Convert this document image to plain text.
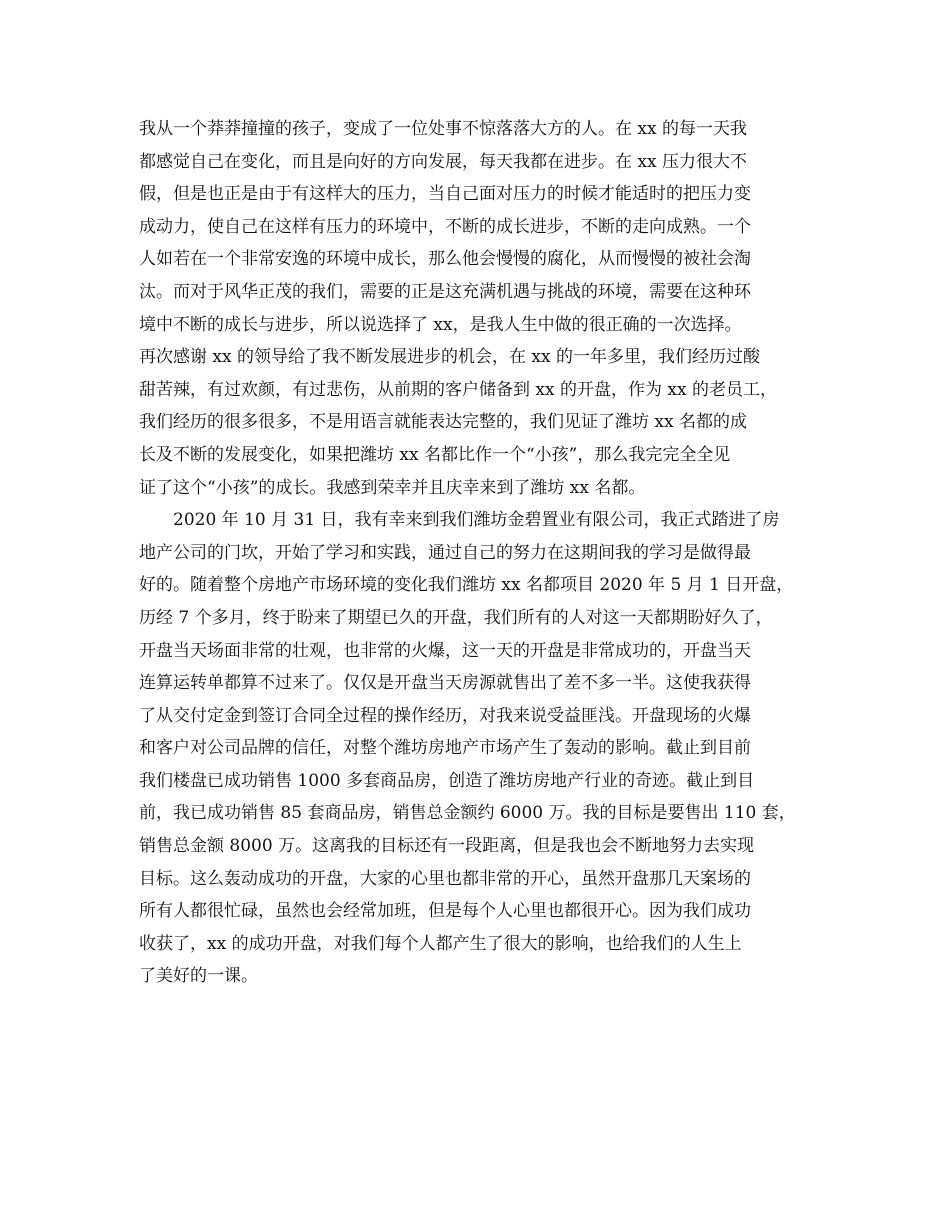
我从一个莽莽撞撞的孩子，变成了一位处事不惊落落大方的人。在 xx 的每一天我
都感觉自己在变化，而且是向好的方向发展，每天我都在进步。在 xx 压力很大不
假，但是也正是由于有这样大的压力，当自己面对压力的时候才能适时的把压力变
成动力，使自己在这样有压力的环境中，不断的成长进步，不断的走向成熟。一个
人如若在一个非常安逸的环境中成长，那么他会慢慢的腐化，从而慢慢的被社会淘
汰。而对于风华正茂的我们，需要的正是这充满机遇与挑战的环境，需要在这种环
境中不断的成长与进步，所以说选择了 xx，是我人生中做的很正确的一次选择。
再次感谢 xx 的领导给了我不断发展进步的机会，在 xx 的一年多里，我们经历过酸
甜苦辣，有过欢颜，有过悲伤，从前期的客户储备到 xx 的开盘，作为 xx 的老员工，
我们经历的很多很多，不是用语言就能表达完整的，我们见证了潍坊 xx 名都的成
长及不断的发展变化，如果把潍坊 xx 名都比作一个“小孩”，那么我完完全全见
证了这个“小孩”的成长。我感到荣幸并且庆幸来到了潍坊 xx 名都。
2020 年 10 月 31 日，我有幸来到我们潍坊金碧置业有限公司，我正式踏进了房
地产公司的门坎，开始了学习和实践，通过自己的努力在这期间我的学习是做得最
好的。随着整个房地产市场环境的变化我们潍坊 xx 名都项目 2020 年 5 月 1 日开盘，
历经 7 个多月，终于盼来了期望已久的开盘，我们所有的人对这一天都期盼好久了，
开盘当天场面非常的壮观，也非常的火爆，这一天的开盘是非常成功的，开盘当天
连算运转单都算不过来了。仅仅是开盘当天房源就售出了差不多一半。这使我获得
了从交付定金到签订合同全过程的操作经历，对我来说受益匪浅。开盘现场的火爆
和客户对公司品牌的信任，对整个潍坊房地产市场产生了轰动的影响。截止到目前
我们楼盘已成功销售 1000 多套商品房，创造了潍坊房地产行业的奇迹。截止到目
前，我已成功销售 85 套商品房，销售总金额约 6000 万。我的目标是要售出 110 套，
销售总金额 8000 万。这离我的目标还有一段距离，但是我也会不断地努力去实现
目标。这么轰动成功的开盘，大家的心里也都非常的开心，虽然开盘那几天案场的
所有人都很忙碌，虽然也会经常加班，但是每个人心里也都很开心。因为我们成功
收获了，xx 的成功开盘，对我们每个人都产生了很大的影响，也给我们的人生上
了美好的一课。
